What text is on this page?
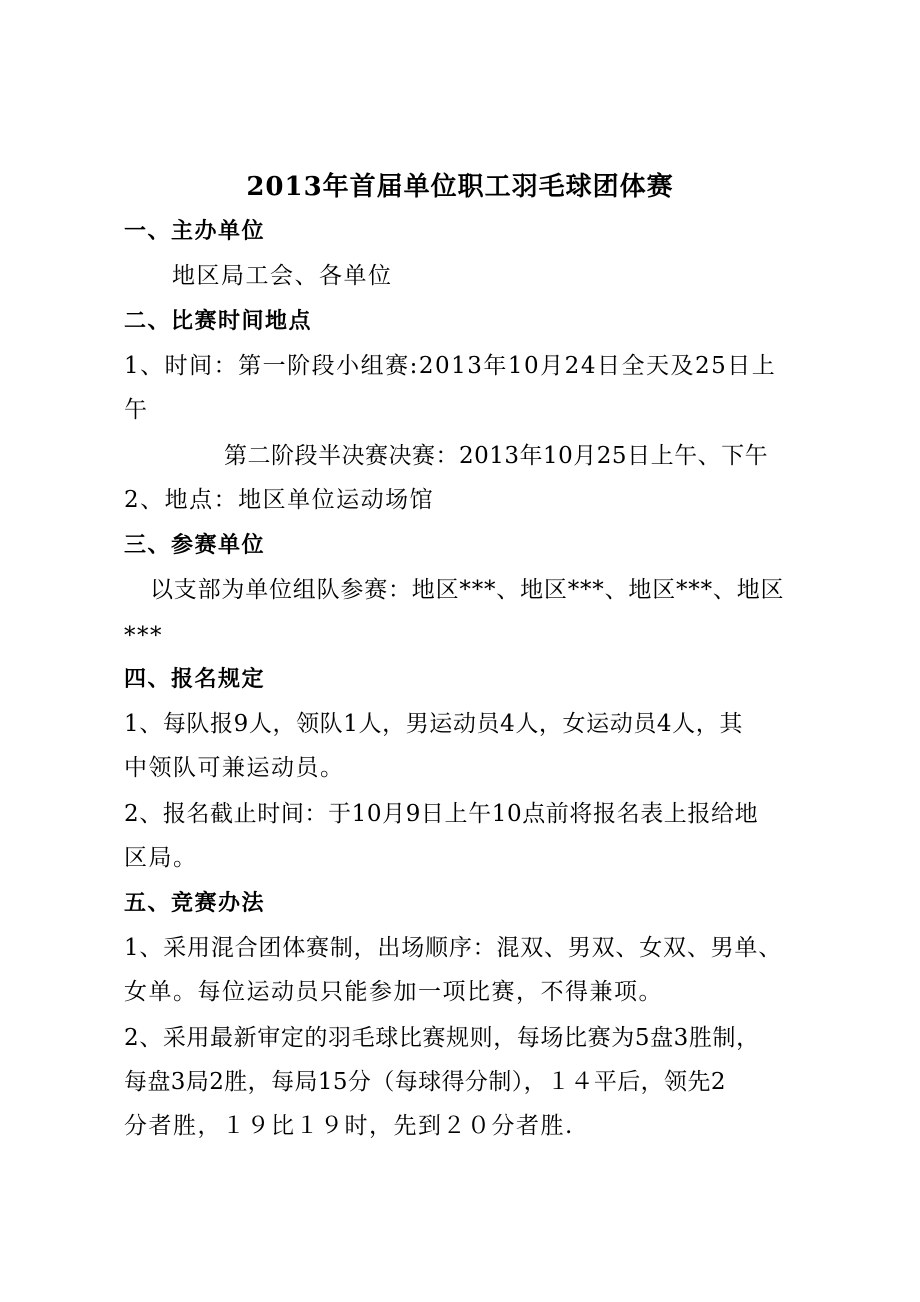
2013年首届单位职工羽毛球团体赛
一、主办单位
地区局工会、各单位
二、比赛时间地点
1、时间：第一阶段小组赛:2013年10月24日全天及25日上
午
第二阶段半决赛决赛：2013年10月25日上午、下午
2、地点：地区单位运动场馆
三、参赛单位
以支部为单位组队参赛：地区***、地区***、地区***、地区
***
四、报名规定
1、每队报9人，领队1人，男运动员4人，女运动员4人，其
中领队可兼运动员。
2、报名截止时间：于10月9日上午10点前将报名表上报给地
区局。
五、竞赛办法
1、采用混合团体赛制，出场顺序：混双、男双、女双、男单、
女单。每位运动员只能参加一项比赛，不得兼项。
2、采用最新审定的羽毛球比赛规则，每场比赛为5盘3胜制，
每盘3局2胜，每局15分（每球得分制），１４平后，领先2
分者胜，１９比１９时，先到２０分者胜.
